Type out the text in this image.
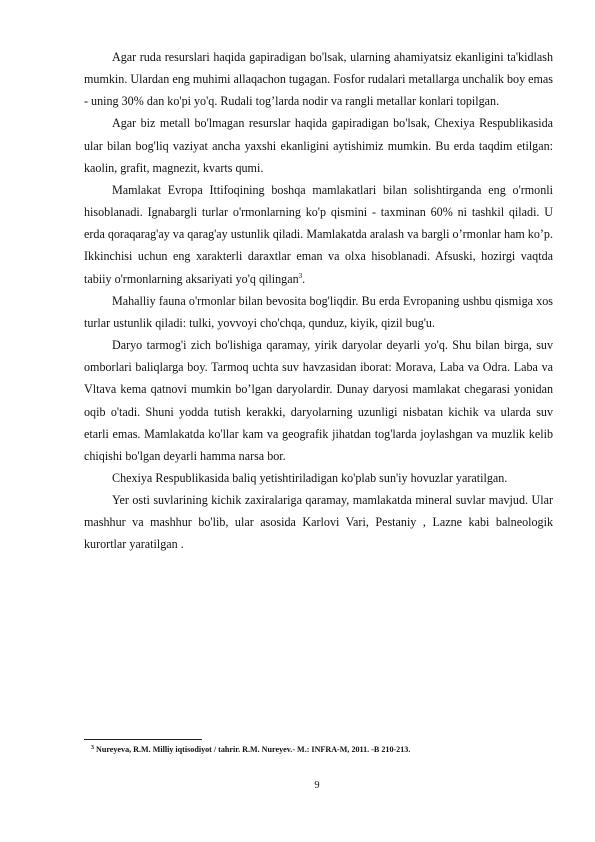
Agar ruda resurslari haqida gapiradigan bo'lsak, ularning ahamiyatsiz ekanligini ta'kidlash mumkin. Ulardan eng muhimi allaqachon tugagan. Fosfor rudalari metallarga unchalik boy emas - uning 30% dan ko'pi yo'q. Rudali tog’larda nodir va rangli metallar konlari topilgan.

Agar biz metall bo'lmagan resurslar haqida gapiradigan bo'lsak, Chexiya Respublikasida ular bilan bog'liq vaziyat ancha yaxshi ekanligini aytishimiz mumkin. Bu erda taqdim etilgan: kaolin, grafit, magnezit, kvarts qumi.

Mamlakat Evropa Ittifoqining boshqa mamlakatlari bilan solishtirganda eng o'rmonli hisoblanadi. Ignabargli turlar o'rmonlarning ko'p qismini - taxminan 60% ni tashkil qiladi. U erda qoraqarag'ay va qarag'ay ustunlik qiladi. Mamlakatda aralash va bargli o’rmonlar ham ko’p. Ikkinchisi uchun eng xarakterli daraxtlar eman va olxa hisoblanadi. Afsuski, hozirgi vaqtda tabiiy o'rmonlarning aksariyati yo'q qilingan$^3$.

Mahalliy fauna o'rmonlar bilan bevosita bog'liqdir. Bu erda Evropaning ushbu qismiga xos turlar ustunlik qiladi: tulki, yovvoyi cho'chqa, qunduz, kiyik, qizil bug'u.

Daryo tarmog'i zich bo'lishiga qaramay, yirik daryolar deyarli yo'q. Shu bilan birga, suv omborlari baliqlarga boy. Tarmoq uchta suv havzasidan iborat: Morava, Laba va Odra. Laba va Vltava kema qatnovi mumkin bo’lgan daryolardir. Dunay daryosi mamlakat chegarasi yonidan oqib o'tadi. Shuni yodda tutish kerakki, daryolarning uzunligi nisbatan kichik va ularda suv etarli emas. Mamlakatda ko'llar kam va geografik jihatdan tog'larda joylashgan va muzlik kelib chiqishi bo'lgan deyarli hamma narsa bor.

Chexiya Respublikasida baliq yetishtiriladigan ko'plab sun'iy hovuzlar yaratilgan.

Yer osti suvlarining kichik zaxiralariga qaramay, mamlakatda mineral suvlar mavjud. Ular mashhur va mashhur bo'lib, ular asosida Karlovi Vari, Pestaniy , Lazne kabi balneologik kurortlar yaratilgan .

3 Nureyeva, R.M. Milliy iqtisodiyot / tahrir. R.M. Nureyev.- M.: INFRA-M, 2011. -B 210-213.
9
